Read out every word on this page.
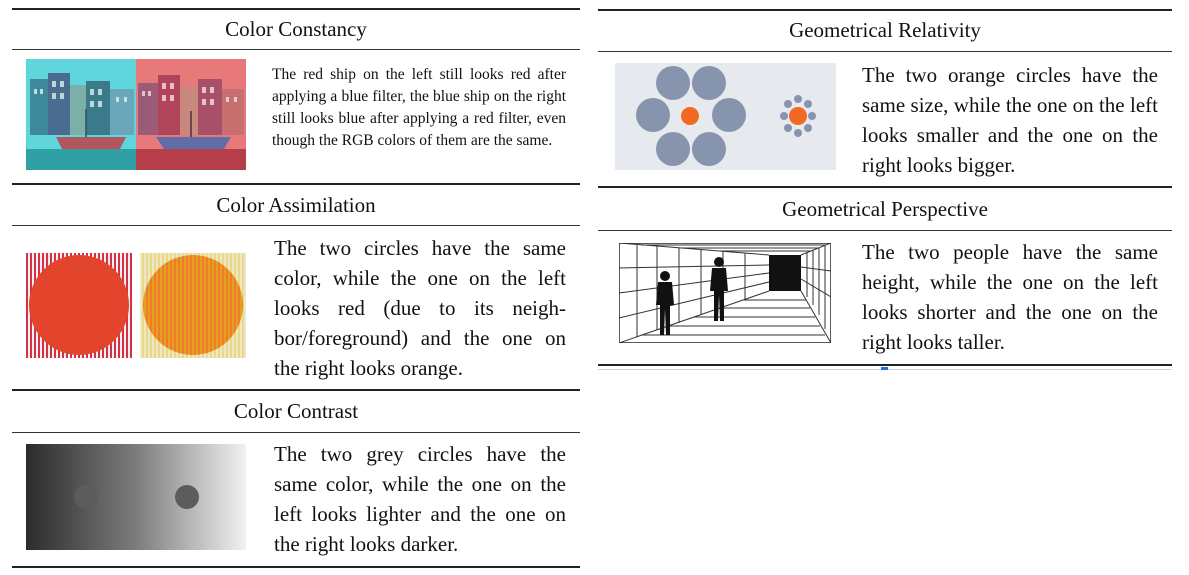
Color Constancy
The red ship on the left still looks red after applying a blue filter, the blue ship on the right still looks blue after applying a red filter, even though the RGB colors of them are the same.
Color Assimilation
The two circles have the same color, while the one on the left looks red (due to its neigh-bor/foreground) and the one on the right looks orange.
Color Contrast
The two grey circles have the same color, while the one on the left looks lighter and the one on the right looks darker.
Geometrical Relativity
The two orange circles have the same size, while the one on the left looks smaller and the one on the right looks bigger.
Geometrical Perspective
The two people have the same height, while the one on the left looks shorter and the one on the right looks taller.
